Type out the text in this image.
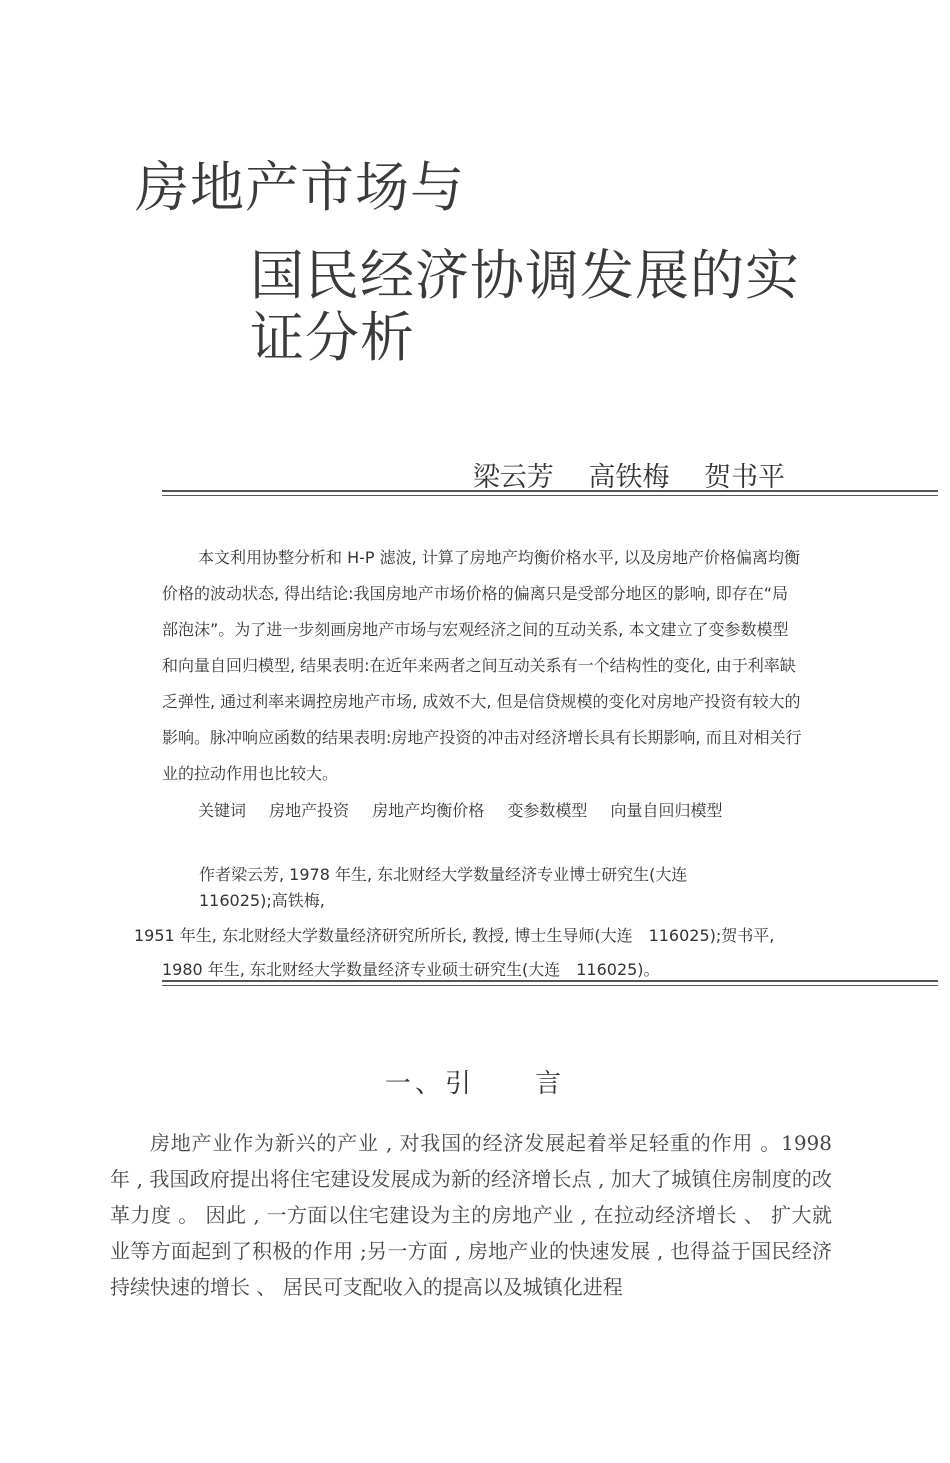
房地产市场与
国民经济协调发展的实证分析
梁云芳 高铁梅 贺书平
本文利用协整分析和 H-P 滤波, 计算了房地产均衡价格水平, 以及房地产价格偏离均衡价格的波动状态, 得出结论:我国房地产市场价格的偏离只是受部分地区的影响, 即存在“局部泡沫”。为了进一步刻画房地产市场与宏观经济之间的互动关系, 本文建立了变参数模型和向量自回归模型, 结果表明:在近年来两者之间互动关系有一个结构性的变化, 由于利率缺乏弹性, 通过利率来调控房地产市场, 成效不大, 但是信贷规模的变化对房地产投资有较大的影响。脉冲响应函数的结果表明:房地产投资的冲击对经济增长具有长期影响, 而且对相关行业的拉动作用也比较大。
关键词 房地产投资 房地产均衡价格 变参数模型 向量自回归模型
作者梁云芳, 1978 年生, 东北财经大学数量经济专业博士研究生(大连
116025);高铁梅,
1951 年生, 东北财经大学数量经济研究所所长, 教授, 博士生导师(大连　116025);贺书平,
1980 年生, 东北财经大学数量经济专业硕士研究生(大连　116025)。
一、引　　言
房地产业作为新兴的产业 , 对我国的经济发展起着举足轻重的作用 。1998 年 , 我国政府提出将住宅建设发展成为新的经济增长点 , 加大了城镇住房制度的改革力度 。 因此 , 一方面以住宅建设为主的房地产业 , 在拉动经济增长 、 扩大就业等方面起到了积极的作用 ;另一方面 , 房地产业的快速发展 , 也得益于国民经济持续快速的增长 、 居民可支配收入的提高以及城镇化进程
